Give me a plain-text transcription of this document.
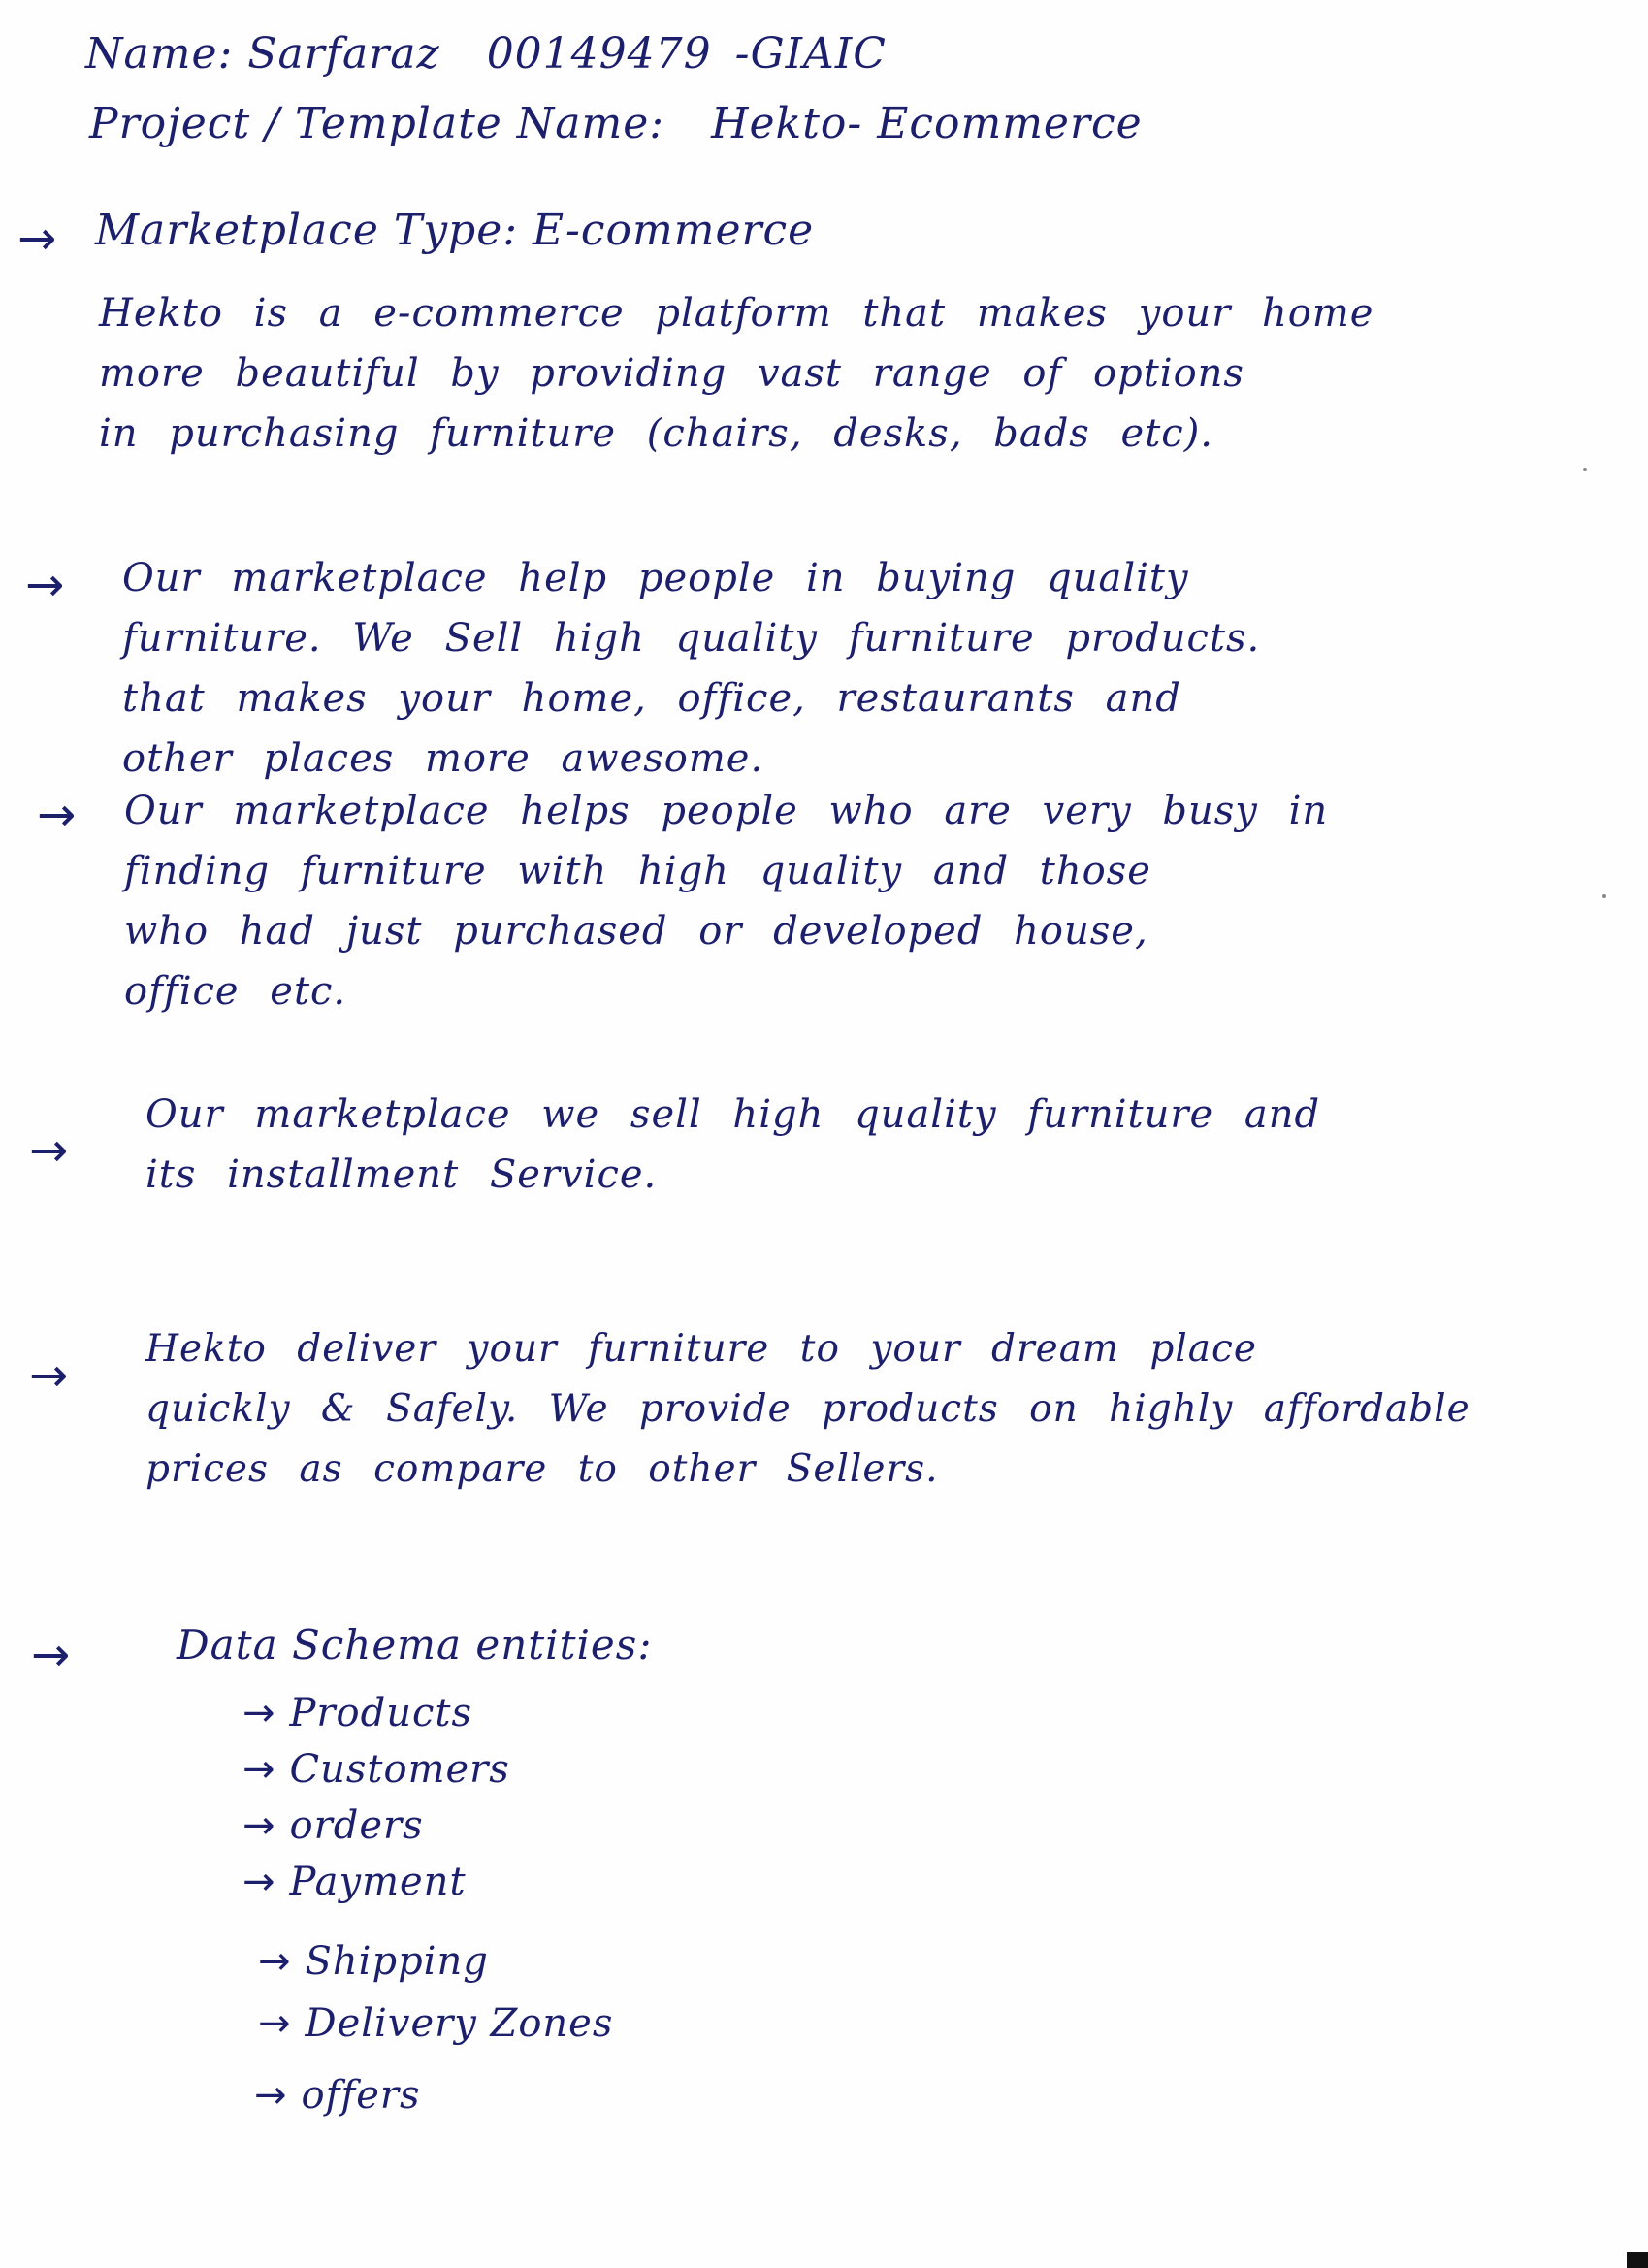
Name: Sarfaraz 00149479 -GIAIC
Project / Template Name: Hekto- Ecommerce
→ Marketplace Type: E-commerce
Hekto is a e-commerce platform that makes your home
more beautiful by providing vast range of options
in purchasing furniture (chairs, desks, bads etc).
→ Our marketplace help people in buying quality
furniture. We Sell high quality furniture products.
that makes your home, office, restaurants and
other places more awesome.
→ Our marketplace helps people who are very busy in
finding furniture with high quality and those
who had just purchased or developed house,
office etc.
→
Our marketplace we sell high quality furniture and
its installment Service.
→ Hekto deliver your furniture to your dream place
quickly & Safely. We provide products on highly affordable
prices as compare to other Sellers.
→	Data Schema entities:
→ Products
→ Customers
→ orders
→ Payment
→ Shipping
→ Delivery Zones
→ offers
